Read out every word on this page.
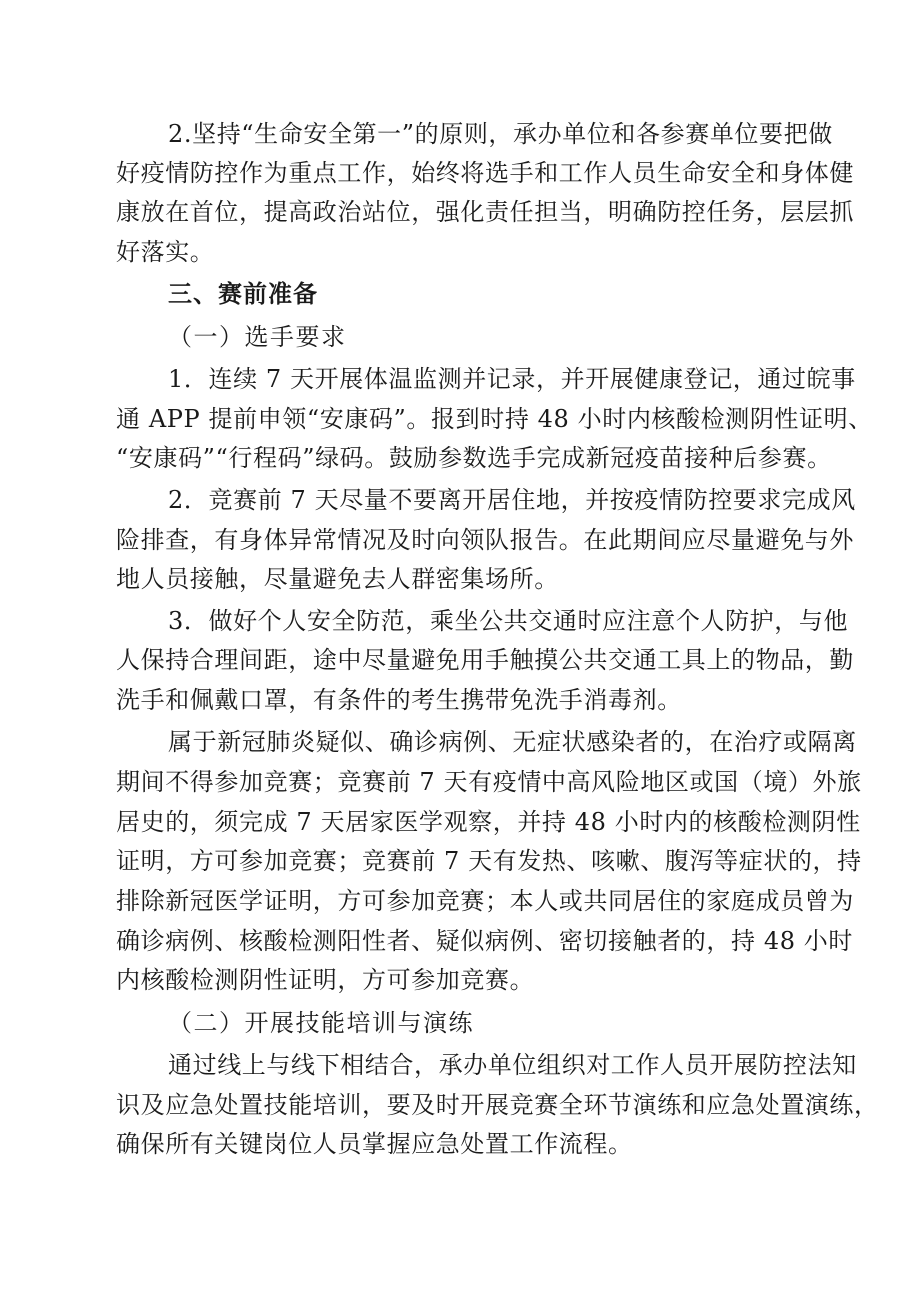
2.坚持“生命安全第一”的原则，承办单位和各参赛单位要把做
好疫情防控作为重点工作，始终将选手和工作人员生命安全和身体健
康放在首位，提高政治站位，强化责任担当，明确防控任务，层层抓
好落实。
三、赛前准备
（一）选手要求
1．连续 7 天开展体温监测并记录，并开展健康登记，通过皖事
通 APP 提前申领“安康码”。报到时持 48 小时内核酸检测阴性证明、
“安康码”“行程码”绿码。鼓励参数选手完成新冠疫苗接种后参赛。
2．竞赛前 7 天尽量不要离开居住地，并按疫情防控要求完成风
险排查，有身体异常情况及时向领队报告。在此期间应尽量避免与外
地人员接触，尽量避免去人群密集场所。
3．做好个人安全防范，乘坐公共交通时应注意个人防护，与他
人保持合理间距，途中尽量避免用手触摸公共交通工具上的物品，勤
洗手和佩戴口罩，有条件的考生携带免洗手消毒剂。
属于新冠肺炎疑似、确诊病例、无症状感染者的，在治疗或隔离
期间不得参加竞赛；竞赛前 7 天有疫情中高风险地区或国（境）外旅
居史的，须完成 7 天居家医学观察，并持 48 小时内的核酸检测阴性
证明，方可参加竞赛；竞赛前 7 天有发热、咳嗽、腹泻等症状的，持
排除新冠医学证明，方可参加竞赛；本人或共同居住的家庭成员曾为
确诊病例、核酸检测阳性者、疑似病例、密切接触者的，持 48 小时
内核酸检测阴性证明，方可参加竞赛。
（二）开展技能培训与演练
通过线上与线下相结合，承办单位组织对工作人员开展防控法知
识及应急处置技能培训，要及时开展竞赛全环节演练和应急处置演练，
确保所有关键岗位人员掌握应急处置工作流程。
